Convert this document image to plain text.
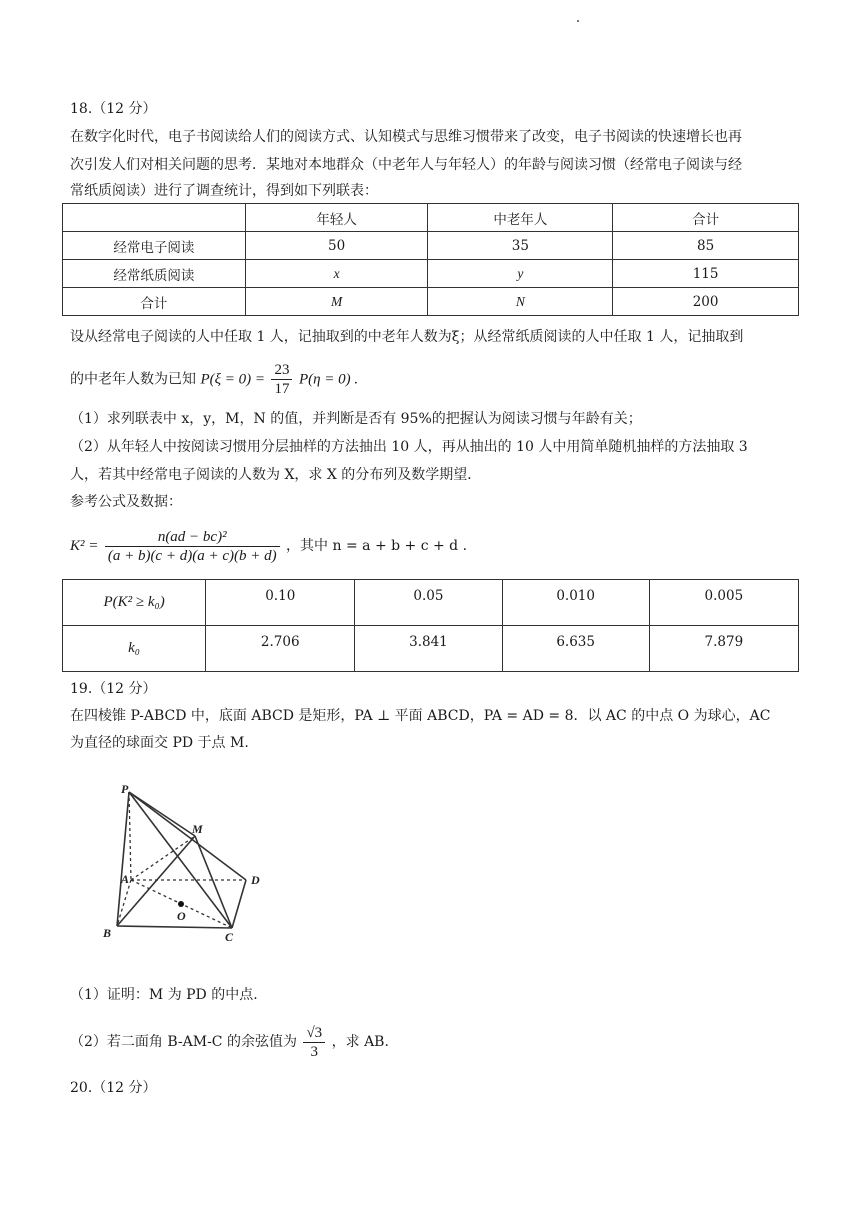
18.（12 分）
在数字化时代，电子书阅读给人们的阅读方式、认知模式与思维习惯带来了改变，电子书阅读的快速增长也再
次引发人们对相关问题的思考．某地对本地群众（中老年人与年轻人）的年龄与阅读习惯（经常电子阅读与经
常纸质阅读）进行了调查统计，得到如下列联表：
	年轻人	中老年人	合计
经常电子阅读	50	35	85
经常纸质阅读	x	y	115
合计	M	N	200
设从经常电子阅读的人中任取 1 人，记抽取到的中老年人数为ξ；从经常纸质阅读的人中任取 1 人，记抽取到
的中老年人数为已知 $P(\xi = 0) = \frac{23}{17} P(\eta = 0)$ .
（1）求列联表中 x，y，M，N 的值，并判断是否有 95%的把握认为阅读习惯与年龄有关；
（2）从年轻人中按阅读习惯用分层抽样的方法抽出 10 人，再从抽出的 10 人中用简单随机抽样的方法抽取 3
人，若其中经常电子阅读的人数为 X，求 X 的分布列及数学期望．
参考公式及数据：
$K^2 = \frac{\text{n(ad − bc)²}}{(a + b)(c + d)(a + c)(b + d)}$ ，其中 n = a + b + c + d .
P(K² ≥ k₀)	0.10	0.05	0.010	0.005
k₀	2.706	3.841	6.635	7.879
19.（12 分）
在四棱锥 P-ABCD 中，底面 ABCD 是矩形，PA ⊥ 平面 ABCD，PA = AD = 8．以 AC 的中点 O 为球心，AC
为直径的球面交 PD 于点 M.
P
M
A	D
O
B	C
（1）证明：M 为 PD 的中点.
（2）若二面角 B-AM-C 的余弦值为 $\frac{√3}{3}$ ，求 AB.
20.（12 分）
